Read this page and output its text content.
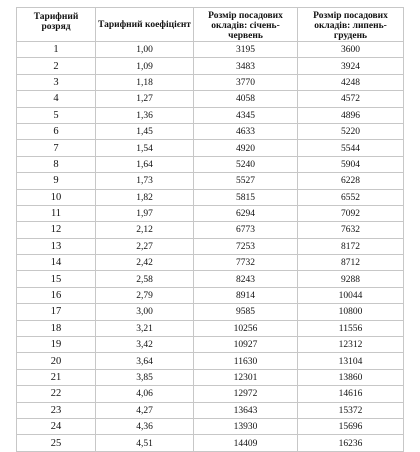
Тарифний розряд	Тарифний коефіцієнт	Розмір посадових окладів: січень-червень	Розмір посадових окладів: липень-грудень
1	1,00	3195	3600
2	1,09	3483	3924
3	1,18	3770	4248
4	1,27	4058	4572
5	1,36	4345	4896
6	1,45	4633	5220
7	1,54	4920	5544
8	1,64	5240	5904
9	1,73	5527	6228
10	1,82	5815	6552
11	1,97	6294	7092
12	2,12	6773	7632
13	2,27	7253	8172
14	2,42	7732	8712
15	2,58	8243	9288
16	2,79	8914	10044
17	3,00	9585	10800
18	3,21	10256	11556
19	3,42	10927	12312
20	3,64	11630	13104
21	3,85	12301	13860
22	4,06	12972	14616
23	4,27	13643	15372
24	4,36	13930	15696
25	4,51	14409	16236
